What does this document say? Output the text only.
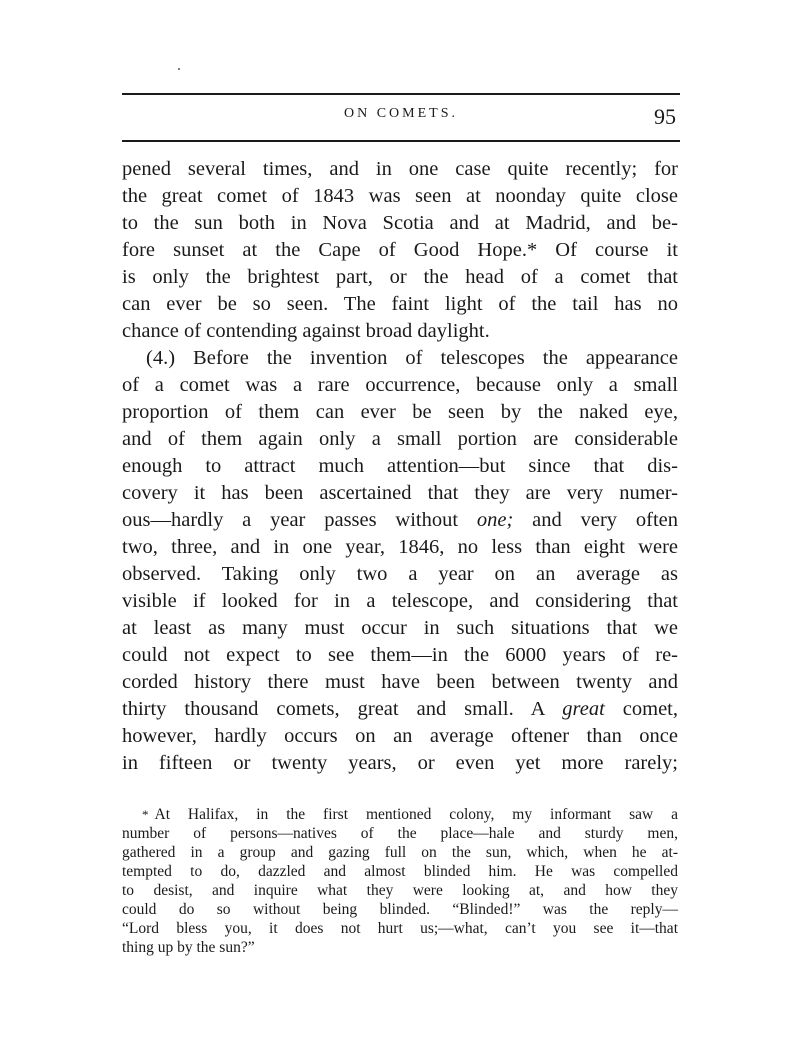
ON COMETS.	95
pened several times, and in one case quite recently; for
the great comet of 1843 was seen at noonday quite close
to the sun both in Nova Scotia and at Madrid, and be-
fore sunset at the Cape of Good Hope.* Of course it
is only the brightest part, or the head of a comet that
can ever be so seen. The faint light of the tail has no
chance of contending against broad daylight.
(4.) Before the invention of telescopes the appearance
of a comet was a rare occurrence, because only a small
proportion of them can ever be seen by the naked eye,
and of them again only a small portion are considerable
enough to attract much attention—but since that dis-
covery it has been ascertained that they are very numer-
ous—hardly a year passes without one; and very often
two, three, and in one year, 1846, no less than eight were
observed. Taking only two a year on an average as
visible if looked for in a telescope, and considering that
at least as many must occur in such situations that we
could not expect to see them—in the 6000 years of re-
corded history there must have been between twenty and
thirty thousand comets, great and small. A great comet,
however, hardly occurs on an average oftener than once
in fifteen or twenty years, or even yet more rarely;
* At Halifax, in the first mentioned colony, my informant saw a
number of persons—natives of the place—hale and sturdy men,
gathered in a group and gazing full on the sun, which, when he at-
tempted to do, dazzled and almost blinded him. He was compelled
to desist, and inquire what they were looking at, and how they
could do so without being blinded. “Blinded!” was the reply—
“Lord bless you, it does not hurt us;—what, can’t you see it—that
thing up by the sun?”
